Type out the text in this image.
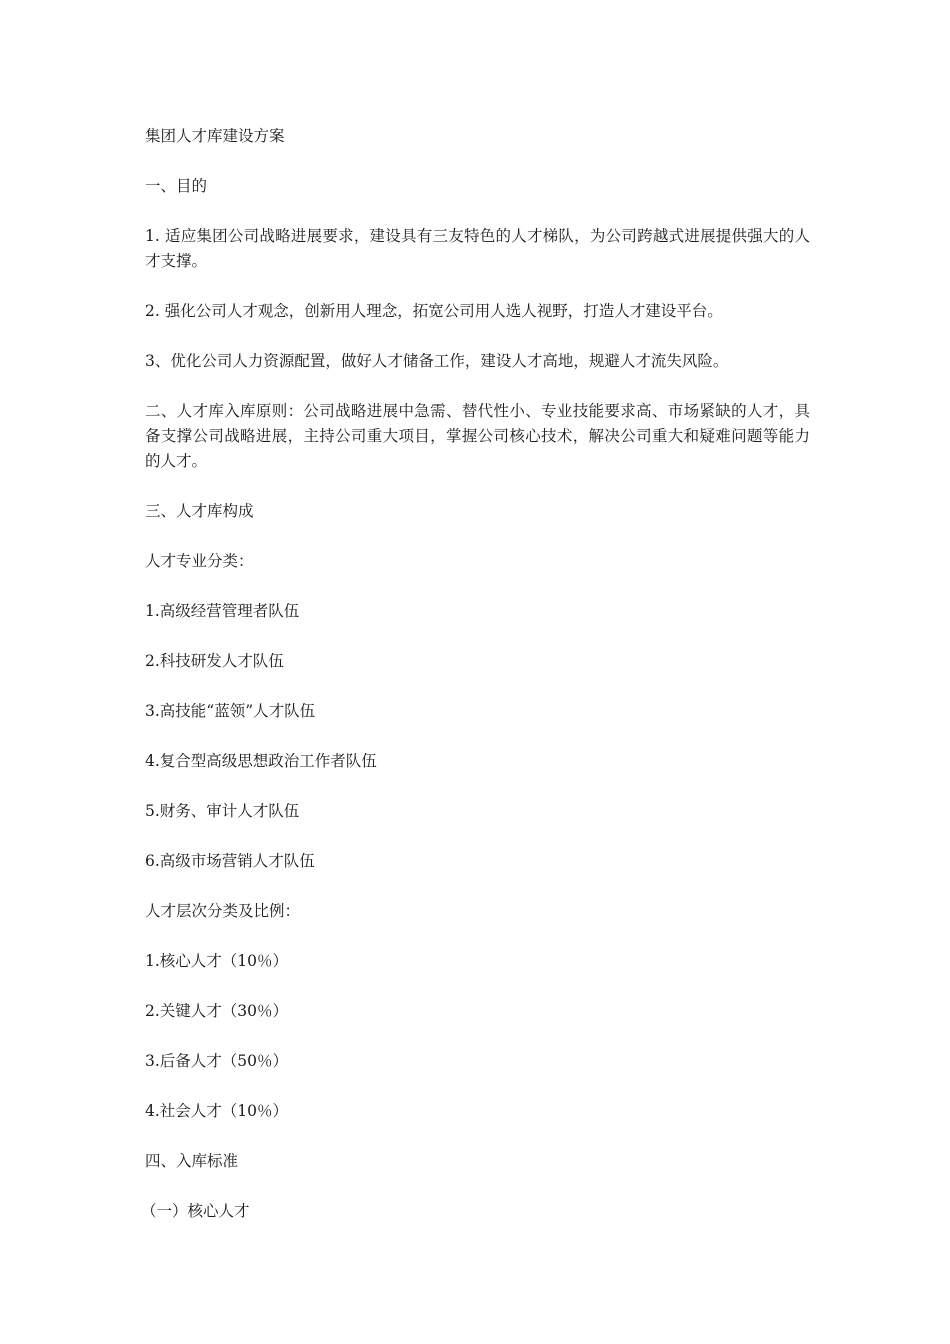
集团人才库建设方案

一、目的

1. 适应集团公司战略进展要求，建设具有三友特色的人才梯队，为公司跨越式进展提供强大的人才支撑。

2. 强化公司人才观念，创新用人理念，拓宽公司用人选人视野，打造人才建设平台。

3、优化公司人力资源配置，做好人才储备工作，建设人才高地，规避人才流失风险。

二、人才库入库原则：公司战略进展中急需、替代性小、专业技能要求高、市场紧缺的人才，具备支撑公司战略进展，主持公司重大项目，掌握公司核心技术，解决公司重大和疑难问题等能力的人才。

三、人才库构成

人才专业分类：

1.高级经营管理者队伍

2.科技研发人才队伍

3.高技能“蓝领”人才队伍

4.复合型高级思想政治工作者队伍

5.财务、审计人才队伍

6.高级市场营销人才队伍

人才层次分类及比例：

1.核心人才（10％）

2.关键人才（30％）

3.后备人才（50％）

4.社会人才（10％）

四、入库标准

（一）核心人才
